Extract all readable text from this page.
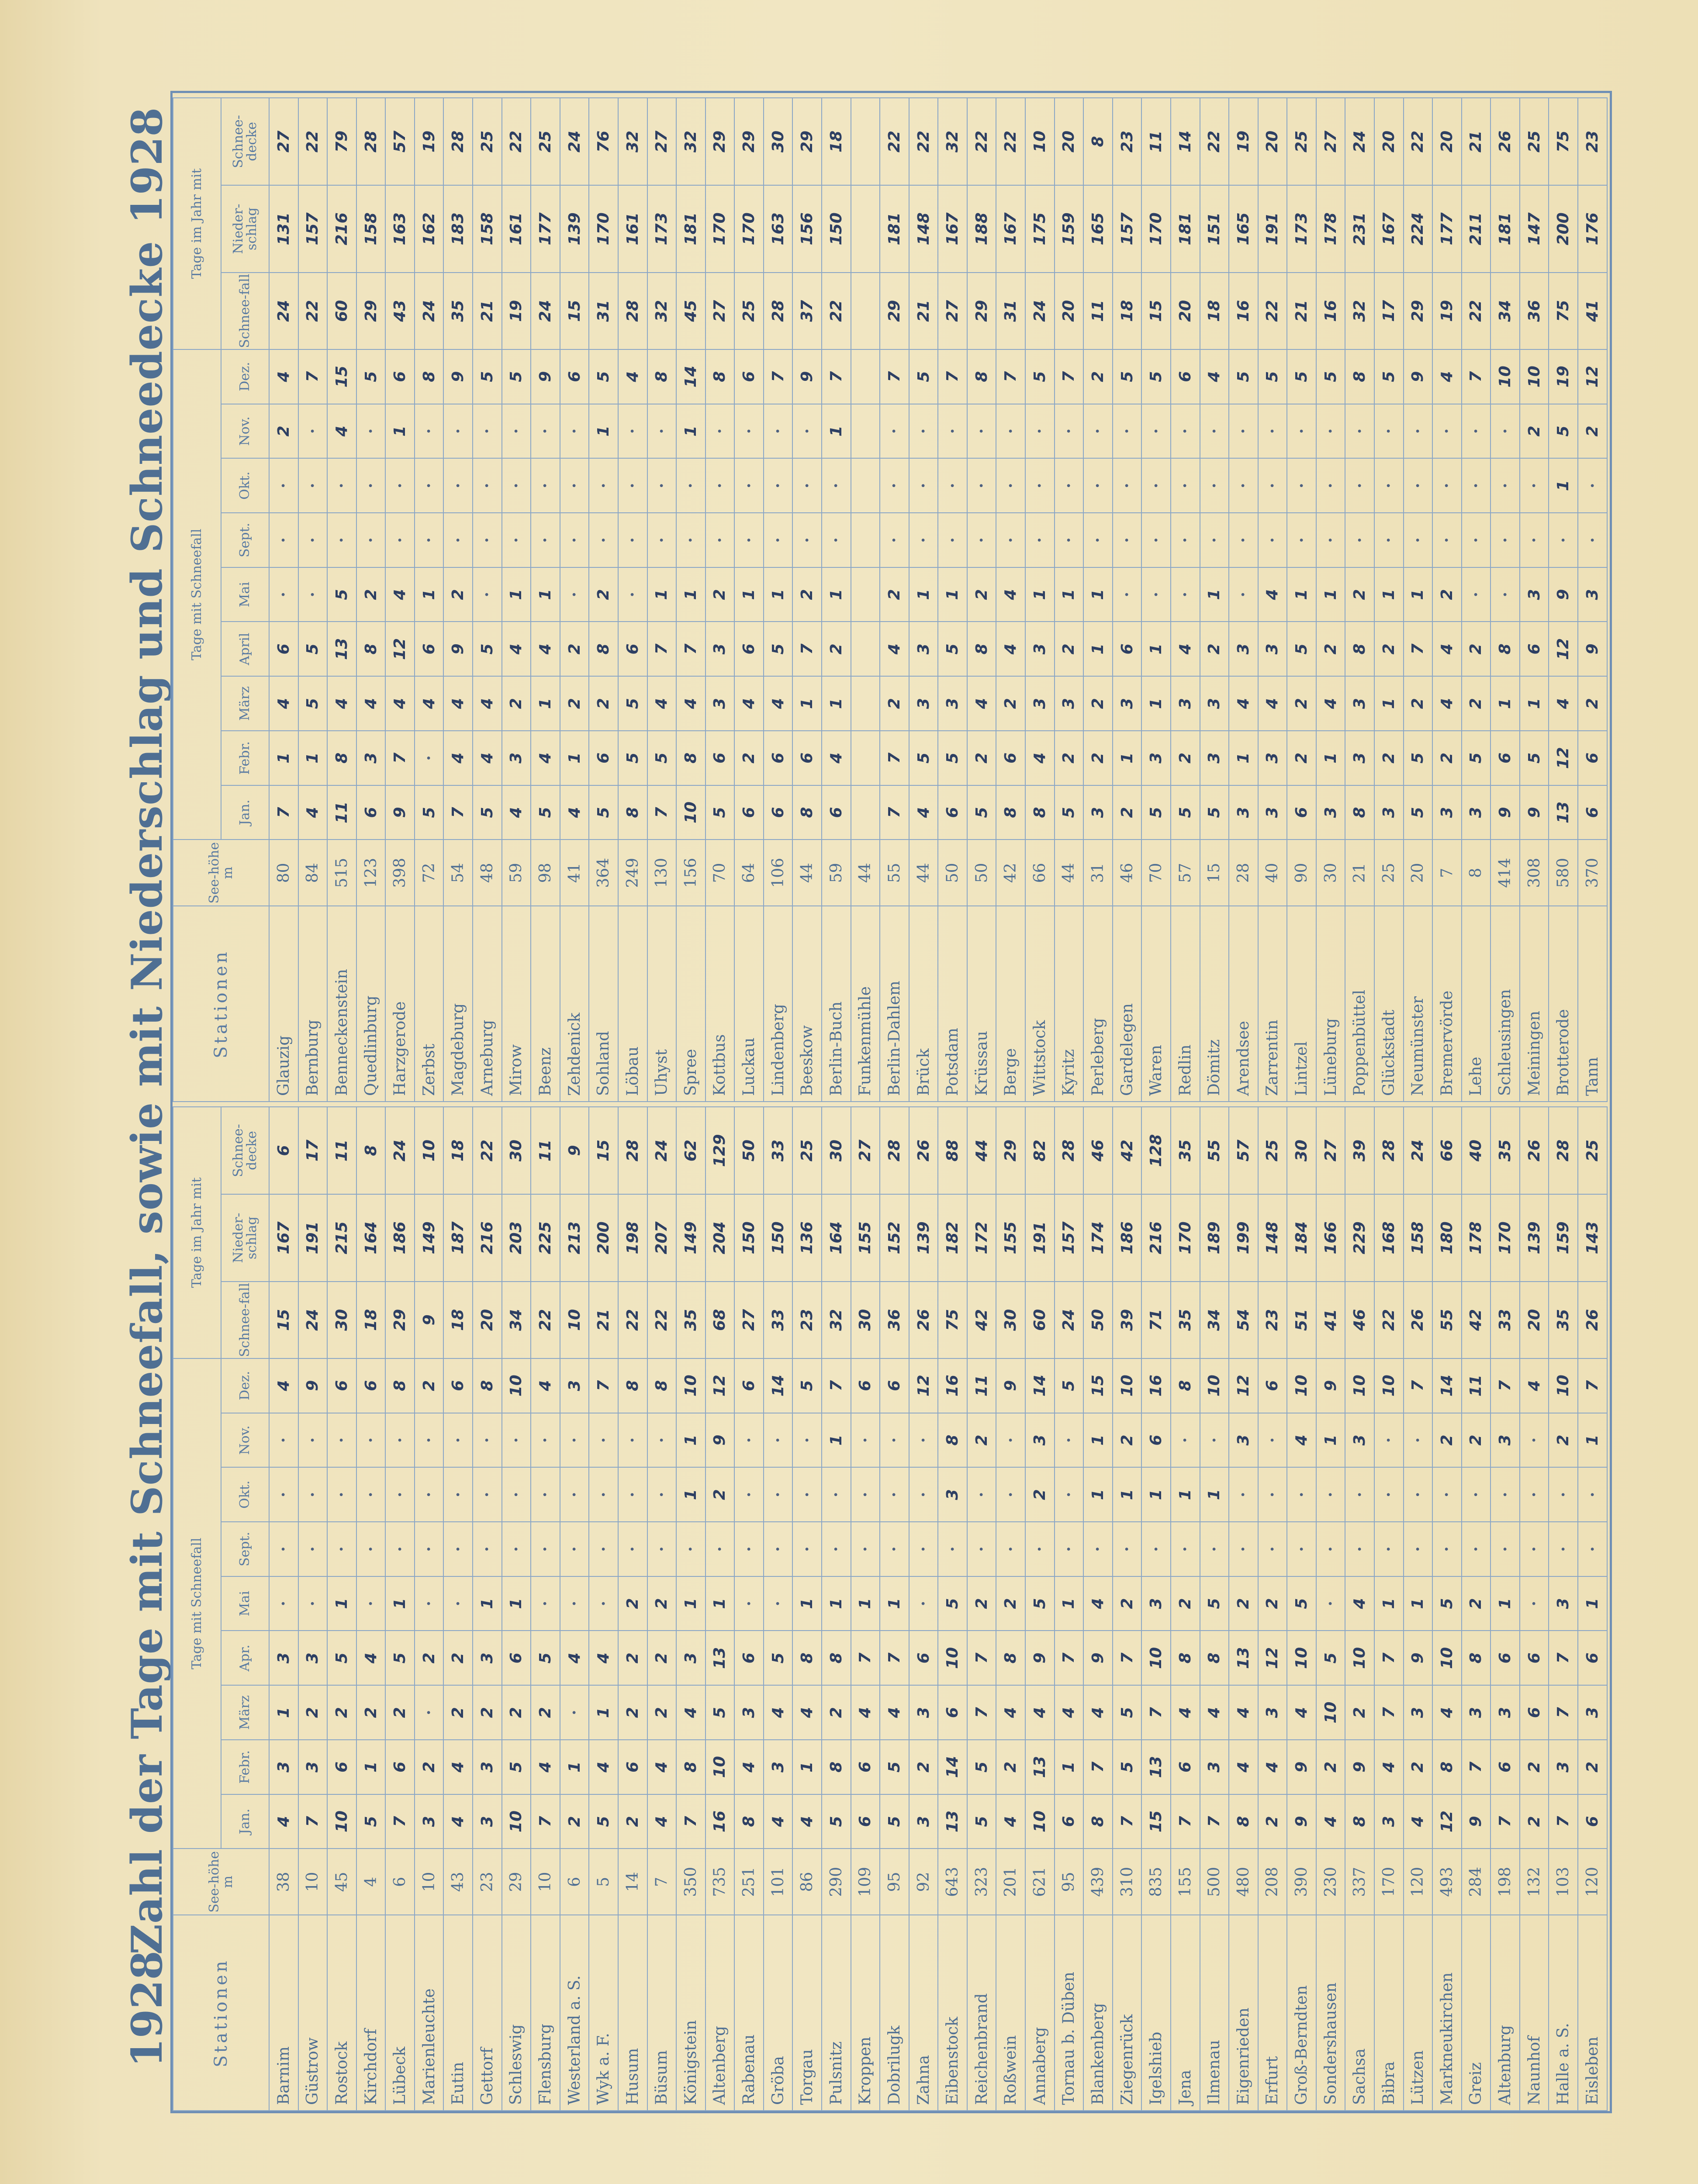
1928
Zahl der Tage mit Schneefall, sowie mit Niederschlag und Schneedecke
1928
Stationen	See-höhe m	Tage mit Schneefall									Tage im Jahr mit		
		Jan.	Febr.	März	Apr.	Mai	Sept.	Okt.	Nov.	Dez.	Schnee-fall	Nieder-schlag	Schnee-decke
Barnim	38	4	3	1	3	·	·	·	·	4	15	167	6
Güstrow	10	7	3	2	3	·	·	·	·	9	24	191	17
Rostock	45	10	6	2	5	1	·	·	·	6	30	215	11
Kirchdorf	4	5	1	2	4	·	·	·	·	6	18	164	8
Lübeck	6	7	6	2	5	1	·	·	·	8	29	186	24
Marienleuchte	10	3	2	·	2	·	·	·	·	2	9	149	10
Eutin	43	4	4	2	2	·	·	·	·	6	18	187	18
Gettorf	23	3	3	2	3	1	·	·	·	8	20	216	22
Schleswig	29	10	5	2	6	1	·	·	·	10	34	203	30
Flensburg	10	7	4	2	5	·	·	·	·	4	22	225	11
Westerland a. S.	6	2	1	·	4	·	·	·	·	3	10	213	9
Wyk a. F.	5	5	4	1	4	·	·	·	·	7	21	200	15
Husum	14	2	6	2	2	2	·	·	·	8	22	198	28
Büsum	7	4	4	2	2	2	·	·	·	8	22	207	24
Königstein	350	7	8	4	3	1	·	1	1	10	35	149	62
Altenberg	735	16	10	5	13	1	·	2	9	12	68	204	129
Rabenau	251	8	4	3	6	·	·	·	·	6	27	150	50
Gröba	101	4	3	4	5	·	·	·	·	14	33	150	33
Torgau	86	4	1	4	8	1	·	·	·	5	23	136	25
Pulsnitz	290	5	8	2	8	1	·	·	1	7	32	164	30
Kroppen	109	6	6	4	7	1	·	·	·	6	30	155	27
Dobrilugk	95	5	5	4	7	1	·	·	·	6	36	152	28
Zahna	92	3	2	3	6	·	·	·	·	12	26	139	26
Eibenstock	643	13	14	6	10	5	·	3	8	16	75	182	88
Reichenbrand	323	5	5	7	7	2	·	·	2	11	42	172	44
Roßwein	201	4	2	4	8	2	·	·	·	9	30	155	29
Annaberg	621	10	13	4	9	5	·	2	3	14	60	191	82
Tornau b. Düben	95	6	1	4	7	1	·	·	·	5	24	157	28
Blankenberg	439	8	7	4	9	4	·	1	1	15	50	174	46
Ziegenrück	310	7	5	5	7	2	·	1	2	10	39	186	42
Igelshieb	835	15	13	7	10	3	·	1	6	16	71	216	128
Jena	155	7	6	4	8	2	·	1	·	8	35	170	35
Ilmenau	500	7	3	4	8	5	·	1	·	10	34	189	55
Eigenrieden	480	8	4	4	13	2	·	·	3	12	54	199	57
Erfurt	208	2	4	3	12	2	·	·	·	6	23	148	25
Groß-Berndten	390	9	9	4	10	5	·	·	4	10	51	184	30
Sondershausen	230	4	2	10	5	·	·	·	1	9	41	166	27
Sachsa	337	8	9	2	10	4	·	·	3	10	46	229	39
Bibra	170	3	4	7	7	1	·	·	·	10	22	168	28
Lützen	120	4	2	3	9	1	·	·	·	7	26	158	24
Markneukirchen	493	12	8	4	10	5	·	·	2	14	55	180	66
Greiz	284	9	7	3	8	2	·	·	2	11	42	178	40
Altenburg	198	7	6	3	6	1	·	·	3	7	33	170	35
Naunhof	132	2	2	6	6	·	·	·	·	4	20	139	26
Halle a. S.	103	7	3	7	7	3	·	·	2	10	35	159	28
Eisleben	120	6	2	3	6	1	·	·	1	7	26	143	25
Stationen	See-höhe m	Tage mit Schneefall									Tage im Jahr mit		
		Jan.	Febr.	März	April	Mai	Sept.	Okt.	Nov.	Dez.	Schnee-fall	Nieder-schlag	Schnee-decke
Glauzig	80	7	1	4	6	·	·	·	2	4	24	131	27
Bernburg	84	4	1	5	5	·	·	·	·	7	22	157	22
Benneckenstein	515	11	8	4	13	5	·	·	4	15	60	216	79
Quedlinburg	123	6	3	4	8	2	·	·	·	5	29	158	28
Harzgerode	398	9	7	4	12	4	·	·	1	6	43	163	57
Zerbst	72	5	·	4	6	1	·	·	·	8	24	162	19
Magdeburg	54	7	4	4	9	2	·	·	·	9	35	183	28
Arneburg	48	5	4	4	5	·	·	·	·	5	21	158	25
Mirow	59	4	3	2	4	1	·	·	·	5	19	161	22
Beenz	98	5	4	1	4	1	·	·	·	9	24	177	25
Zehdenick	41	4	1	2	2	·	·	·	·	6	15	139	24
Sohland	364	5	6	2	8	2	·	·	1	5	31	170	76
Löbau	249	8	5	5	6	·	·	·	·	4	28	161	32
Uhyst	130	7	5	4	7	1	·	·	·	8	32	173	27
Spree	156	10	8	4	7	1	·	·	1	14	45	181	32
Kottbus	70	5	6	3	3	2	·	·	·	8	27	170	29
Luckau	64	6	2	4	6	1	·	·	·	6	25	170	29
Lindenberg	106	6	6	4	5	1	·	·	·	7	28	163	30
Beeskow	44	8	6	1	7	2	·	·	·	9	37	156	29
Berlin-Buch	59	6	4	1	2	1	·	·	1	7	22	150	18
Funkenmühle	44												
Berlin-Dahlem	55	7	7	2	4	2	·	·	·	7	29	181	22
Brück	44	4	5	3	3	1	·	·	·	5	21	148	22
Potsdam	50	6	5	3	5	1	·	·	·	7	27	167	32
Krüssau	50	5	2	4	8	2	·	·	·	8	29	188	22
Berge	42	8	6	2	4	4	·	·	·	7	31	167	22
Wittstock	66	8	4	3	3	1	·	·	·	5	24	175	10
Kyritz	44	5	2	3	2	1	·	·	·	7	20	159	20
Perleberg	31	3	2	2	1	1	·	·	·	2	11	165	8
Gardelegen	46	2	1	3	6	·	·	·	·	5	18	157	23
Waren	70	5	3	1	1	·	·	·	·	5	15	170	11
Redlin	57	5	2	3	4	·	·	·	·	6	20	181	14
Dömitz	15	5	3	3	2	1	·	·	·	4	18	151	22
Arendsee	28	3	1	4	3	·	·	·	·	5	16	165	19
Zarrentin	40	3	3	4	3	4	·	·	·	5	22	191	20
Lintzel	90	6	2	2	5	1	·	·	·	5	21	173	25
Lüneburg	30	3	1	4	2	1	·	·	·	5	16	178	27
Poppenbüttel	21	8	3	3	8	2	·	·	·	8	32	231	24
Glückstadt	25	3	2	1	2	1	·	·	·	5	17	167	20
Neumünster	20	5	5	2	7	1	·	·	·	9	29	224	22
Bremervörde	7	3	2	4	4	2	·	·	·	4	19	177	20
Lehe	8	3	5	2	2	·	·	·	·	7	22	211	21
Schleusingen	414	9	6	1	8	·	·	·	·	10	34	181	26
Meiningen	308	9	5	1	6	3	·	·	2	10	36	147	25
Brotterode	580	13	12	4	12	9	·	1	5	19	75	200	75
Tann	370	6	6	2	9	3	·	·	2	12	41	176	23
